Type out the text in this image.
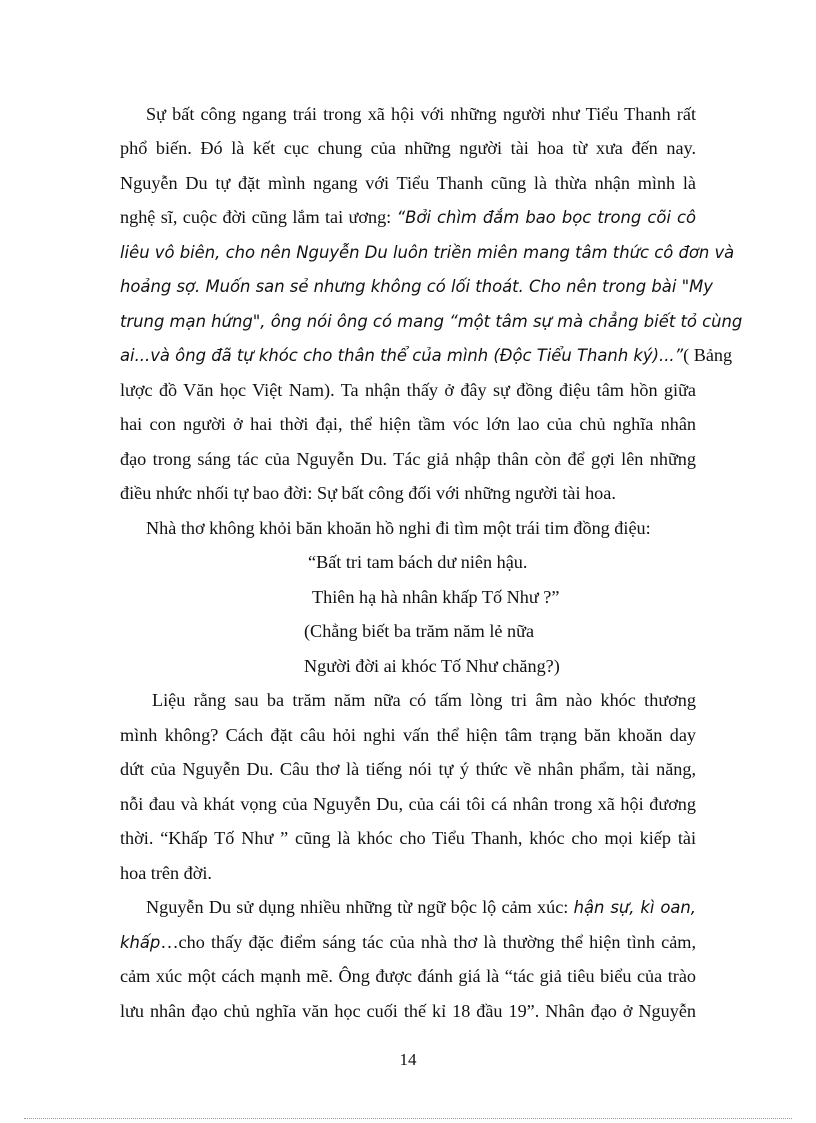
Sự bất công ngang trái trong xã hội với những người như Tiểu Thanh rất

phổ biến. Đó là kết cục chung của những người tài hoa từ xưa đến nay.

Nguyễn Du tự đặt mình ngang với Tiểu Thanh cũng là thừa nhận mình là

nghệ sĩ, cuộc đời cũng lắm tai ương: “Bởi chìm đắm bao bọc trong cõi cô

liêu vô biên, cho nên Nguyễn Du luôn triền miên mang tâm thức cô đơn và

hoảng sợ. Muốn san sẻ nhưng không có lối thoát. Cho nên trong bài "My

trung mạn hứng", ông nói ông có mang “một tâm sự mà chẳng biết tỏ cùng

ai...và ông đã tự khóc cho thân thể của mình (Độc Tiểu Thanh ký)...”( Bảng

lược đồ Văn học Việt Nam). Ta nhận thấy ở đây sự đồng điệu tâm hồn giữa

hai con người ở hai thời đại, thể hiện tầm vóc lớn lao của chủ nghĩa nhân

đạo trong sáng tác của Nguyễn Du. Tác giả nhập thân còn để gợi lên những

điều nhức nhối tự bao đời: Sự bất công đối với những người tài hoa.

Nhà thơ không khỏi băn khoăn hồ nghi đi tìm một trái tim đồng điệu:

“Bất tri tam bách dư niên hậu.

Thiên hạ hà nhân khấp Tố Như ?”

(Chẳng biết ba trăm năm lẻ nữa

Người đời ai khóc Tố Như chăng?)

Liệu rằng sau ba trăm năm nữa có tấm lòng tri âm nào khóc thương

mình không? Cách đặt câu hỏi nghi vấn thể hiện tâm trạng băn khoăn day

dứt của Nguyễn Du. Câu thơ là tiếng nói tự ý thức về nhân phẩm, tài năng,

nỗi đau và khát vọng của Nguyễn Du, của cái tôi cá nhân trong xã hội đương

thời. “Khấp Tố Như ” cũng là khóc cho Tiểu Thanh, khóc cho mọi kiếp tài

hoa trên đời.

Nguyễn Du sử dụng nhiều những từ ngữ bộc lộ cảm xúc: hận sự, kì oan,

khấp…cho thấy đặc điểm sáng tác của nhà thơ là thường thể hiện tình cảm,

cảm xúc một cách mạnh mẽ. Ông được đánh giá là “tác giả tiêu biểu của trào

lưu nhân đạo chủ nghĩa văn học cuối thế kỉ 18 đầu 19”. Nhân đạo ở Nguyễn

14
